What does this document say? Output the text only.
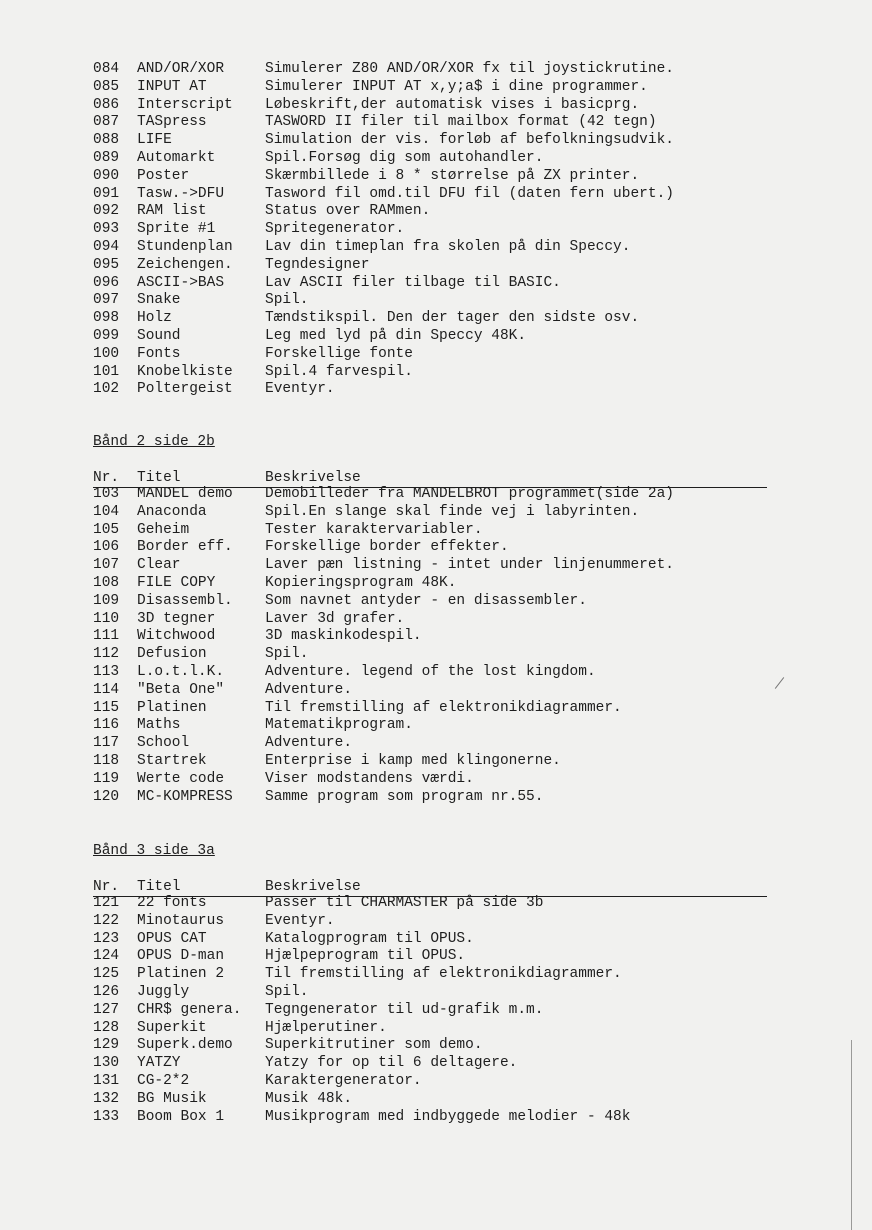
084	AND/OR/XOR	Simulerer Z80 AND/OR/XOR fx til joystickrutine.
085	INPUT AT	Simulerer INPUT AT x,y;a$ i dine programmer.
086	Interscript	Løbeskrift,der automatisk vises i basicprg.
087	TASpress	TASWORD II filer til mailbox format (42 tegn)
088	LIFE	Simulation der vis. forløb af befolkningsudvik.
089	Automarkt	Spil.Forsøg dig som autohandler.
090	Poster	Skærmbillede i 8 * størrelse på ZX printer.
091	Tasw.->DFU	Tasword fil omd.til DFU fil (daten fern ubert.)
092	RAM list	Status over RAMmen.
093	Sprite #1	Spritegenerator.
094	Stundenplan	Lav din timeplan fra skolen på din Speccy.
095	Zeichengen.	Tegndesigner
096	ASCII->BAS	Lav ASCII filer tilbage til BASIC.
097	Snake	Spil.
098	Holz	Tændstikspil. Den der tager den sidste osv.
099	Sound	Leg med lyd på din Speccy 48K.
100	Fonts	Forskellige fonte
101	Knobelkiste	Spil.4 farvespil.
102	Poltergeist	Eventyr.
Bånd 2 side 2b
Nr. Titel	Beskrivelse
103	MANDEL demo	Demobilleder fra MANDELBROT programmet(side 2a)
104	Anaconda	Spil.En slange skal finde vej i labyrinten.
105	Geheim	Tester karaktervariabler.
106	Border eff.	Forskellige border effekter.
107	Clear	Laver pæn listning - intet under linjenummeret.
108	FILE COPY	Kopieringsprogram 48K.
109	Disassembl.	Som navnet antyder - en disassembler.
110	3D tegner	Laver 3d grafer.
111	Witchwood	3D maskinkodespil.
112	Defusion	Spil.
113	L.o.t.l.K.	Adventure. legend of the lost kingdom.
114	"Beta One"	Adventure.
115	Platinen	Til fremstilling af elektronikdiagrammer.
116	Maths	Matematikprogram.
117	School	Adventure.
118	Startrek	Enterprise i kamp med klingonerne.
119	Werte code	Viser modstandens værdi.
120	MC-KOMPRESS	Samme program som program nr.55.
Bånd 3 side 3a
Nr. Titel	Beskrivelse
121	22 fonts	Passer til CHARMASTER på side 3b
122	Minotaurus	Eventyr.
123	OPUS CAT	Katalogprogram til OPUS.
124	OPUS D-man	Hjælpeprogram til OPUS.
125	Platinen 2	Til fremstilling af elektronikdiagrammer.
126	Juggly	Spil.
127	CHR$ genera.	Tegngenerator til ud-grafik m.m.
128	Superkit	Hjælperutiner.
129	Superk.demo	Superkitrutiner som demo.
130	YATZY	Yatzy for op til 6 deltagere.
131	CG-2*2	Karaktergenerator.
132	BG Musik	Musik 48k.
133	Boom Box 1	Musikprogram med indbyggede melodier - 48k
